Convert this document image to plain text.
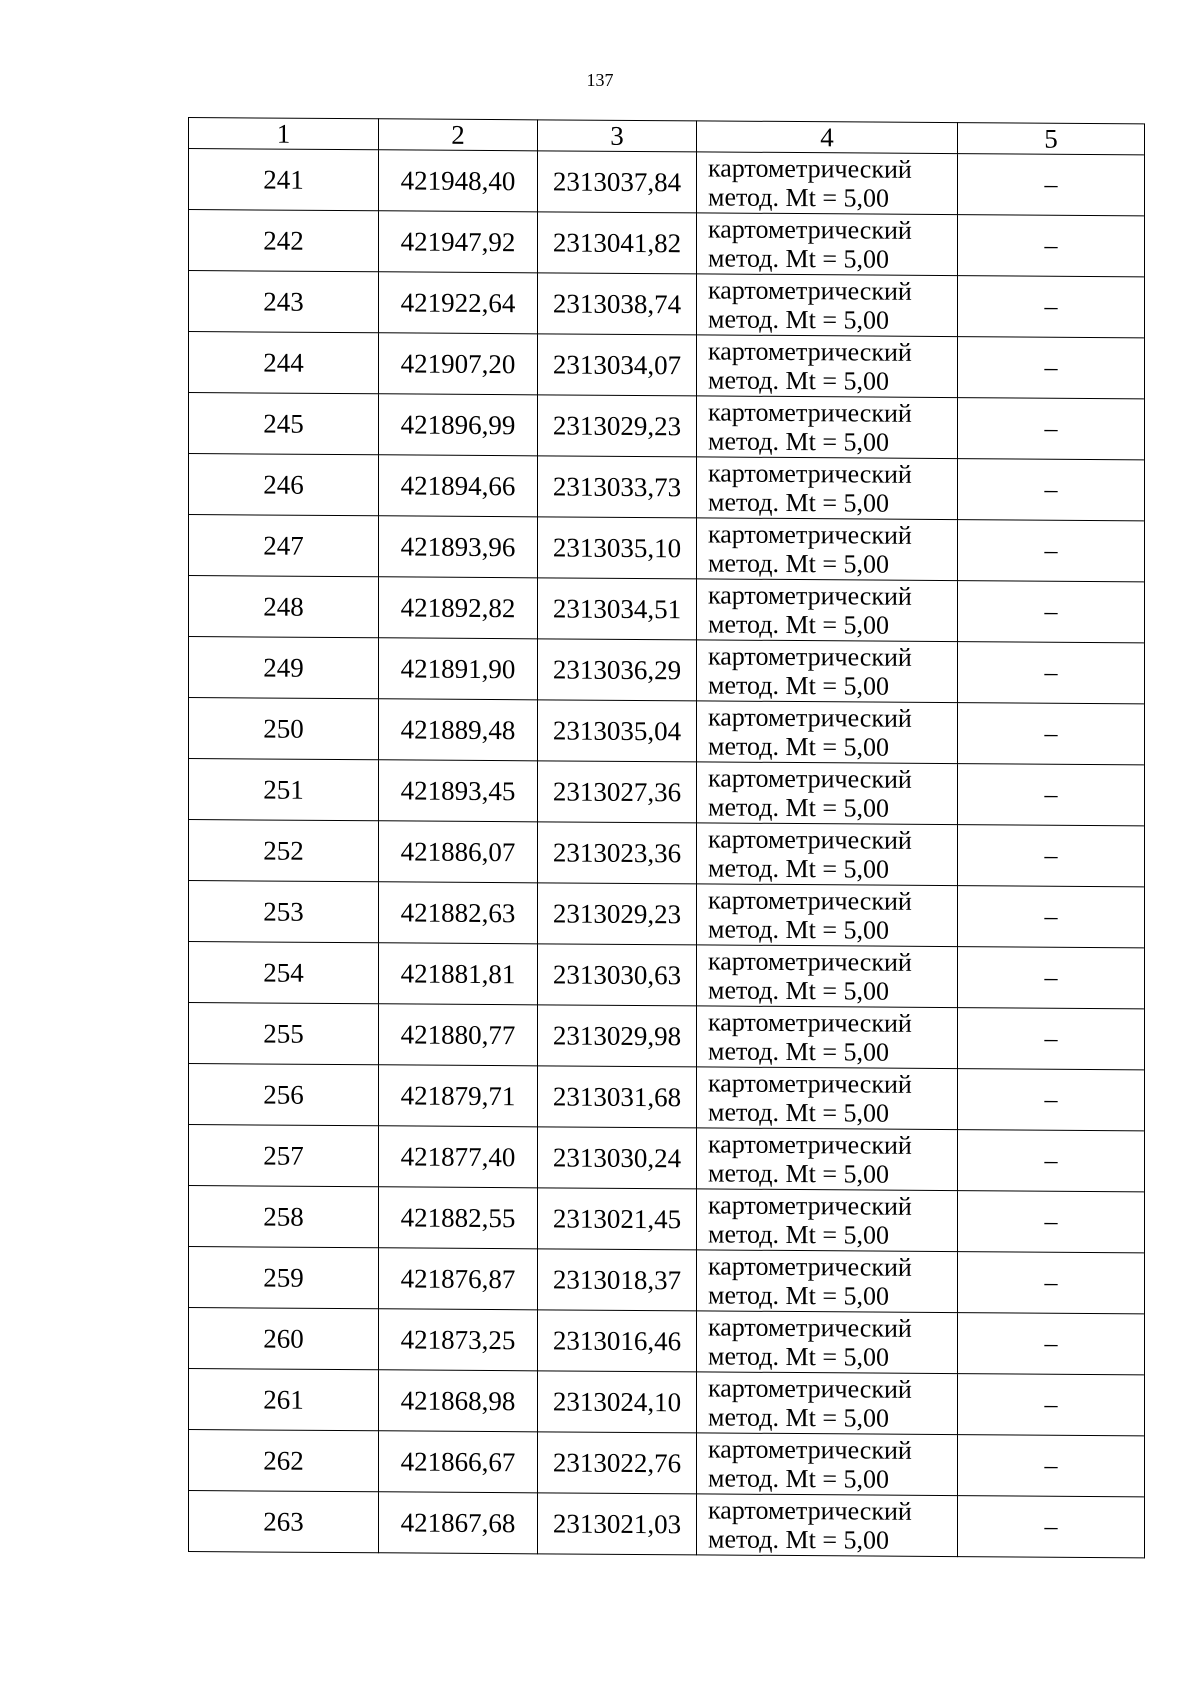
137
1	2	3	4	5
241	421948,40	2313037,84	картометрический
метод. Mt = 5,00	–
242	421947,92	2313041,82	картометрический
метод. Mt = 5,00	–
243	421922,64	2313038,74	картометрический
метод. Mt = 5,00	–
244	421907,20	2313034,07	картометрический
метод. Mt = 5,00	–
245	421896,99	2313029,23	картометрический
метод. Mt = 5,00	–
246	421894,66	2313033,73	картометрический
метод. Mt = 5,00	–
247	421893,96	2313035,10	картометрический
метод. Mt = 5,00	–
248	421892,82	2313034,51	картометрический
метод. Mt = 5,00	–
249	421891,90	2313036,29	картометрический
метод. Mt = 5,00	–
250	421889,48	2313035,04	картометрический
метод. Mt = 5,00	–
251	421893,45	2313027,36	картометрический
метод. Mt = 5,00	–
252	421886,07	2313023,36	картометрический
метод. Mt = 5,00	–
253	421882,63	2313029,23	картометрический
метод. Mt = 5,00	–
254	421881,81	2313030,63	картометрический
метод. Mt = 5,00	–
255	421880,77	2313029,98	картометрический
метод. Mt = 5,00	–
256	421879,71	2313031,68	картометрический
метод. Mt = 5,00	–
257	421877,40	2313030,24	картометрический
метод. Mt = 5,00	–
258	421882,55	2313021,45	картометрический
метод. Mt = 5,00	–
259	421876,87	2313018,37	картометрический
метод. Mt = 5,00	–
260	421873,25	2313016,46	картометрический
метод. Mt = 5,00	–
261	421868,98	2313024,10	картометрический
метод. Mt = 5,00	–
262	421866,67	2313022,76	картометрический
метод. Mt = 5,00	–
263	421867,68	2313021,03	картометрический
метод. Mt = 5,00	–
